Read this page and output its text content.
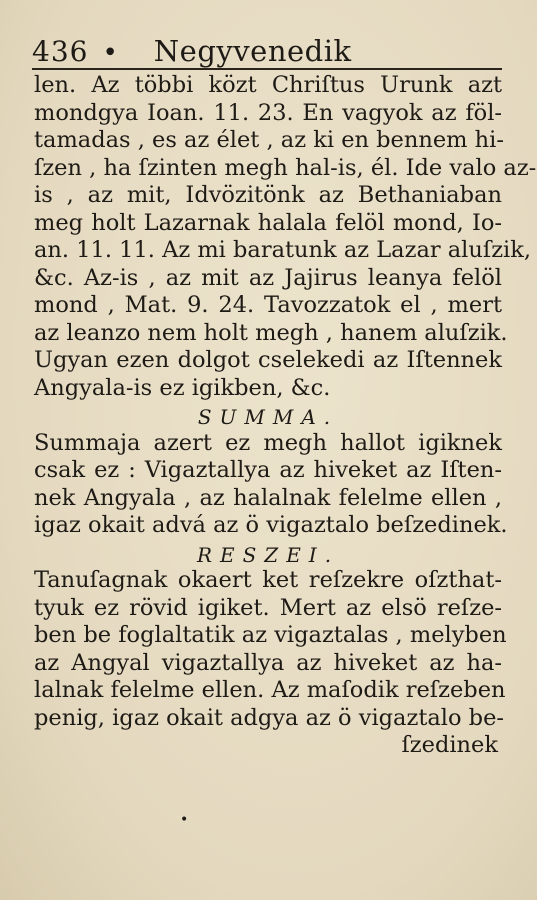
436 • Negyvenedik
len. Az többi közt Chriſtus Urunk azt
mondgya Ioan. 11. 23. En vagyok az föl-
tamadas , es az élet , az ki en bennem hi-
ſzen , ha ſzinten megh hal-is, él. Ide valo az-
is , az mit, Idvözitönk az Bethaniaban
meg holt Lazarnak halala felöl mond, Io-
an. 11. 11. Az mi baratunk az Lazar aluſzik,
&c. Az-is , az mit az Jajirus leanya felöl
mond , Mat. 9. 24. Tavozzatok el , mert
az leanzo nem holt megh , hanem aluſzik.
Ugyan ezen dolgot cselekedi az Iſtennek
Angyala-is ez igikben, &c.
SUMMA.
Summaja azert ez megh hallot igiknek
csak ez : Vigaztallya az hiveket az Iſten-
nek Angyala , az halalnak felelme ellen ,
igaz okait advá az ö vigaztalo beſzedinek.
RESZEI.
Tanuſagnak okaert ket reſzekre oſzthat-
tyuk ez rövid igiket. Mert az elsö reſze-
ben be foglaltatik az vigaztalas , melyben
az Angyal vigaztallya az hiveket az ha-
lalnak felelme ellen. Az maſodik reſzeben
penig, igaz okait adgya az ö vigaztalo be-
ſzedinek
•
